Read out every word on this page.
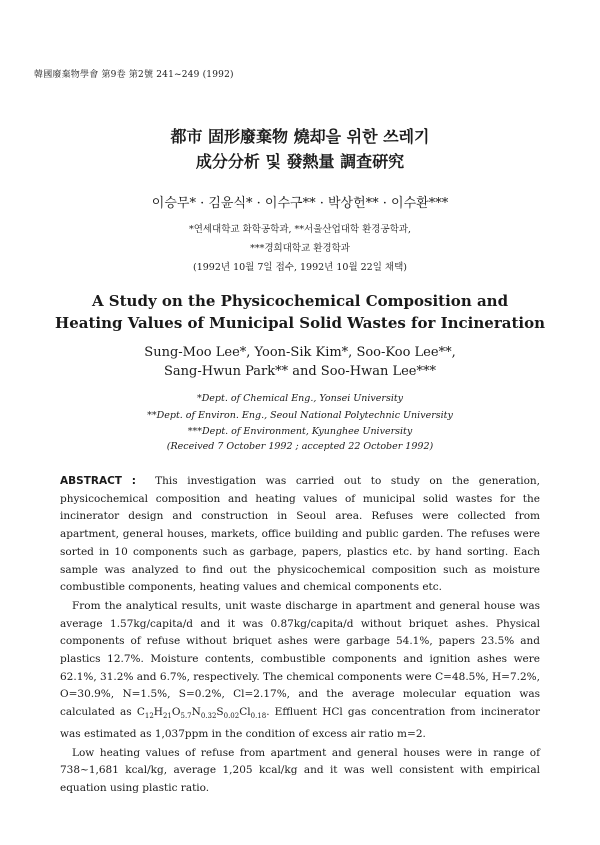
韓國廢棄物學會 第9卷 第2號 241~249 (1992)
都市 固形廢棄物 燒却을 위한 쓰레기
成分分析 및 發熱量 調査硏究
이승무* · 김윤식* · 이수구** · 박상헌** · 이수환***
*연세대학교 화학공학과, **서울산업대학 환경공학과,
***경희대학교 환경학과
(1992년 10월 7일 접수, 1992년 10월 22일 채택)
A Study on the Physicochemical Composition and
Heating Values of Municipal Solid Wastes for Incineration
Sung-Moo Lee*, Yoon-Sik Kim*, Soo-Koo Lee**,
Sang-Hwun Park** and Soo-Hwan Lee***
*Dept. of Chemical Eng., Yonsei University
**Dept. of Environ. Eng., Seoul National Polytechnic University
***Dept. of Environment, Kyunghee University
(Received 7 October 1992 ; accepted 22 October 1992)

ABSTRACT : This investigation was carried out to study on the generation, physicochemical composition and heating values of municipal solid wastes for the incinerator design and construction in Seoul area. Refuses were collected from apartment, general houses, markets, office building and public garden. The refuses were sorted in 10 components such as garbage, papers, plastics etc. by hand sorting. Each sample was analyzed to find out the physicochemical composition such as moisture combustible components, heating values and chemical components etc.

From the analytical results, unit waste discharge in apartment and general house was average 1.57kg/capita/d and it was 0.87kg/capita/d without briquet ashes. Physical components of refuse without briquet ashes were garbage 54.1%, papers 23.5% and plastics 12.7%. Moisture contents, combustible components and ignition ashes were 62.1%, 31.2% and 6.7%, respectively. The chemical components were C=48.5%, H=7.2%, O=30.9%, N=1.5%, S=0.2%, Cl=2.17%, and the average molecular equation was calculated as $C_{12}H_{21}O_{5.7}N_{0.32}S_{0.02}Cl_{0.18}$. Effluent HCl gas concentration from incinerator was estimated as 1,037ppm in the condition of excess air ratio m=2.

Low heating values of refuse from apartment and general houses were in range of 738~1,681 kcal/kg, average 1,205 kcal/kg and it was well consistent with empirical equation using plastic ratio.
